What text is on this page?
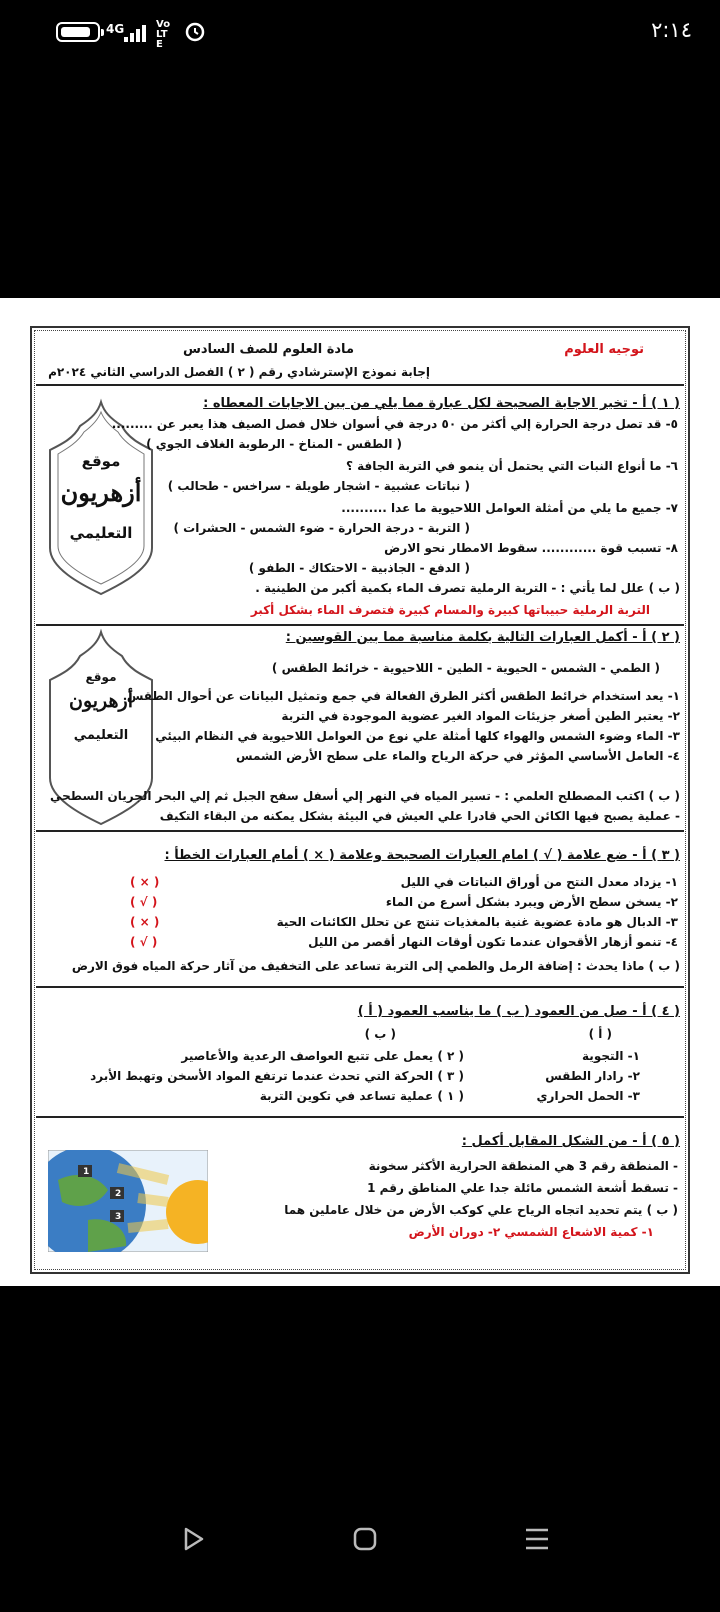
4G	Vo LTE
٢:١٤
مادة العلوم للصف السادس	توجيه العلوم
إجابة نموذج الإسترشادي رقم ( ٢ ) الفصل الدراسي الثاني ٢٠٢٤م
موقع
أزهريون
التعليمي
( ١ ) أ - تخير الاجابة الصحيحة لكل عبارة مما يلي من بين الاجابات المعطاه :
٥- قد تصل درجة الحرارة إلي أكثر من ٥٠ درجة في أسوان خلال فصل الصيف هذا يعبر عن .........
( الطقس - المناخ - الرطوبة الغلاف الجوي )
٦- ما أنواع النبات التي يحتمل أن ينمو في التربة الجافة ؟
( نباتات عشبية - اشجار طويلة - سراخس - طحالب )
٧- جميع ما يلي من أمثلة العوامل اللاحيوية ما عدا ..........
( التربة - درجة الحرارة - ضوء الشمس - الحشرات )
٨- تسبب قوة ............ سقوط الامطار نحو الارض
( الدفع - الجاذبية - الاحتكاك - الطفو )
( ب ) علل لما يأتي : - التربة الرملية تصرف الماء بكمية أكبر من الطينية .
التربة الرملية حبيباتها كبيرة والمسام كبيرة فتصرف الماء بشكل أكبر
موقع
أزهريون
التعليمي
( ٢ ) أ - أكمل العبارات التالية بكلمة مناسبة مما بين القوسين :
( الطمي - الشمس - الحيوية - الطين - اللاحيوية - خرائط الطقس )
١- يعد استخدام خرائط الطقس أكثر الطرق الفعالة في جمع وتمثيل البيانات عن أحوال الطقس
٢- يعتبر الطين أصغر جزيئات المواد الغير عضوية الموجودة في التربة
٣- الماء وضوء الشمس والهواء كلها أمثلة علي نوع من العوامل اللاحيوية في النظام البيئي
٤- العامل الأساسي المؤثر في حركة الرياح والماء على سطح الأرض الشمس
( ب ) اكتب المصطلح العلمي : - تسير المياه في النهر إلي أسفل سفح الجبل ثم إلي البحر الجريان السطحي
- عملية يصبح فيها الكائن الحي قادرا علي العيش في البيئة بشكل يمكنه من البقاء التكيف
( ٣ ) أ - ضع علامة ( √ ) امام العبارات الصحيحة وعلامة ( × ) أمام العبارات الخطأ :
١- يزداد معدل النتح من أوراق النباتات في الليل
٢- يسخن سطح الأرض ويبرد بشكل أسرع من الماء
٣- الدبال هو مادة عضوية غنية بالمغذيات تنتج عن تحلل الكائنات الحية
٤- تنمو أزهار الأقحوان عندما تكون أوقات النهار أقصر من الليل
( × )
( √ )
( × )
( √ )
( ب ) ماذا يحدث : إضافة الرمل والطمي إلى التربة تساعد على التخفيف من آثار حركة المياه فوق الارض
( ٤ ) أ - صل من العمود ( ب ) ما يناسب العمود ( أ )
( أ )
( ب )
١- التجوية
٢- رادار الطقس
٣- الحمل الحراري
( ٢ ) يعمل على تتبع العواصف الرعدية والأعاصير
( ٣ ) الحركة التي تحدث عندما ترتفع المواد الأسخن وتهبط الأبرد
( ١ ) عملية تساعد في تكوين التربة
( ٥ ) أ - من الشكل المقابل أكمل :
- المنطقة رقم 3 هي المنطقة الحرارية الأكثر سخونة
- تسقط أشعة الشمس مائلة جدا علي المناطق رقم 1
( ب ) يتم تحديد اتجاه الرياح علي كوكب الأرض من خلال عاملين هما
١- كمية الاشعاع الشمسي ٢- دوران الأرض
1
2
3
